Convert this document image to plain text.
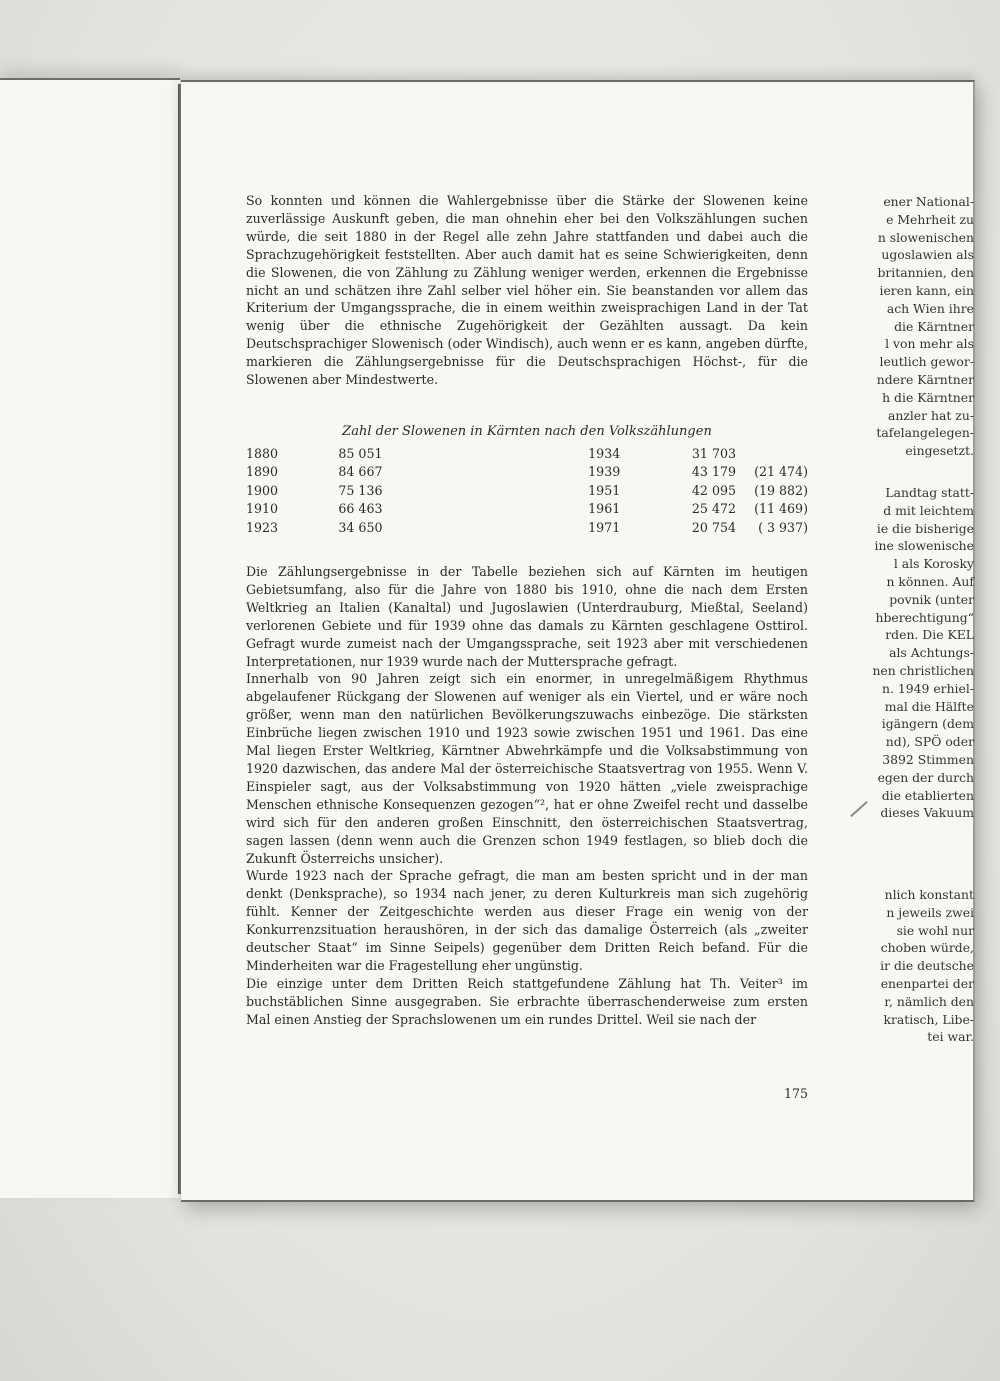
ener National-
e Mehrheit zu
n slowenischen
ugoslawien als
britannien, den
ieren kann, ein
ach Wien ihre
die Kärntner
l von mehr als
leutlich gewor-
ndere Kärntner
h die Kärntner
anzler hat zu-
tafelangelegen-
eingesetzt.
Landtag statt-
d mit leichtem
ie die bisherige
ine slowenische
l als Korosky
n können. Auf
povnik (unter
hberechtigung“
rden. Die KEL
als Achtungs-
nen christlichen
n. 1949 erhiel-
mal die Hälfte
igängern (dem
nd), SPÖ oder
3892 Stimmen
egen der durch
die etablierten
dieses Vakuum
nlich konstant
n jeweils zwei
sie wohl nur
choben würde,
ir die deutsche
enenpartei der
r, nämlich den
kratisch, Libe-
tei war.

So konnten und können die Wahlergebnisse über die Stärke der Slowenen keine zuverlässige Auskunft geben, die man ohnehin eher bei den Volkszählungen suchen würde, die seit 1880 in der Regel alle zehn Jahre stattfanden und dabei auch die Sprachzugehörigkeit feststellten. Aber auch damit hat es seine Schwierigkeiten, denn die Slowenen, die von Zählung zu Zählung weniger werden, erkennen die Ergebnisse nicht an und schätzen ihre Zahl selber viel höher ein. Sie beanstanden vor allem das Kriterium der Umgangssprache, die in einem weithin zweisprachigen Land in der Tat wenig über die ethnische Zugehörigkeit der Gezählten aussagt. Da kein Deutschsprachiger Slowenisch (oder Windisch), auch wenn er es kann, angeben dürfte, markieren die Zählungsergebnisse für die Deutschsprachigen Höchst-, für die Slowenen aber Mindestwerte.

Zahl der Slowenen in Kärnten nach den Volkszählungen
1880	85 051	1934	31 703
1890	84 667	1939	43 179 (21 474)
1900	75 136	1951	42 095 (19 882)
1910	66 463	1961	25 472 (11 469)
1923	34 650	1971	20 754 ( 3 937)

Die Zählungsergebnisse in der Tabelle beziehen sich auf Kärnten im heutigen Gebietsumfang, also für die Jahre von 1880 bis 1910, ohne die nach dem Ersten Weltkrieg an Italien (Kanaltal) und Jugoslawien (Unterdrauburg, Mießtal, Seeland) verlorenen Gebiete und für 1939 ohne das damals zu Kärnten geschlagene Osttirol. Gefragt wurde zumeist nach der Umgangssprache, seit 1923 aber mit verschiedenen Interpretationen, nur 1939 wurde nach der Muttersprache gefragt.

Innerhalb von 90 Jahren zeigt sich ein enormer, in unregelmäßigem Rhythmus abgelaufener Rückgang der Slowenen auf weniger als ein Viertel, und er wäre noch größer, wenn man den natürlichen Bevölkerungszuwachs einbezöge. Die stärksten Einbrüche liegen zwischen 1910 und 1923 sowie zwischen 1951 und 1961. Das eine Mal liegen Erster Weltkrieg, Kärntner Abwehrkämpfe und die Volksabstimmung von 1920 dazwischen, das andere Mal der österreichische Staatsvertrag von 1955. Wenn V. Einspieler sagt, aus der Volksabstimmung von 1920 hätten „viele zweisprachige Menschen ethnische Konsequenzen gezogen“², hat er ohne Zweifel recht und dasselbe wird sich für den anderen großen Einschnitt, den österreichischen Staatsvertrag, sagen lassen (denn wenn auch die Grenzen schon 1949 festlagen, so blieb doch die Zukunft Österreichs unsicher).

Wurde 1923 nach der Sprache gefragt, die man am besten spricht und in der man denkt (Denksprache), so 1934 nach jener, zu deren Kulturkreis man sich zugehörig fühlt. Kenner der Zeitgeschichte werden aus dieser Frage ein wenig von der Konkurrenzsituation heraushören, in der sich das damalige Österreich (als „zweiter deutscher Staat“ im Sinne Seipels) gegenüber dem Dritten Reich befand. Für die Minderheiten war die Fragestellung eher ungünstig.

Die einzige unter dem Dritten Reich stattgefundene Zählung hat Th. Veiter³ im buchstäblichen Sinne ausgegraben. Sie erbrachte überraschenderweise zum ersten Mal einen Anstieg der Sprachslowenen um ein rundes Drittel. Weil sie nach der

175
